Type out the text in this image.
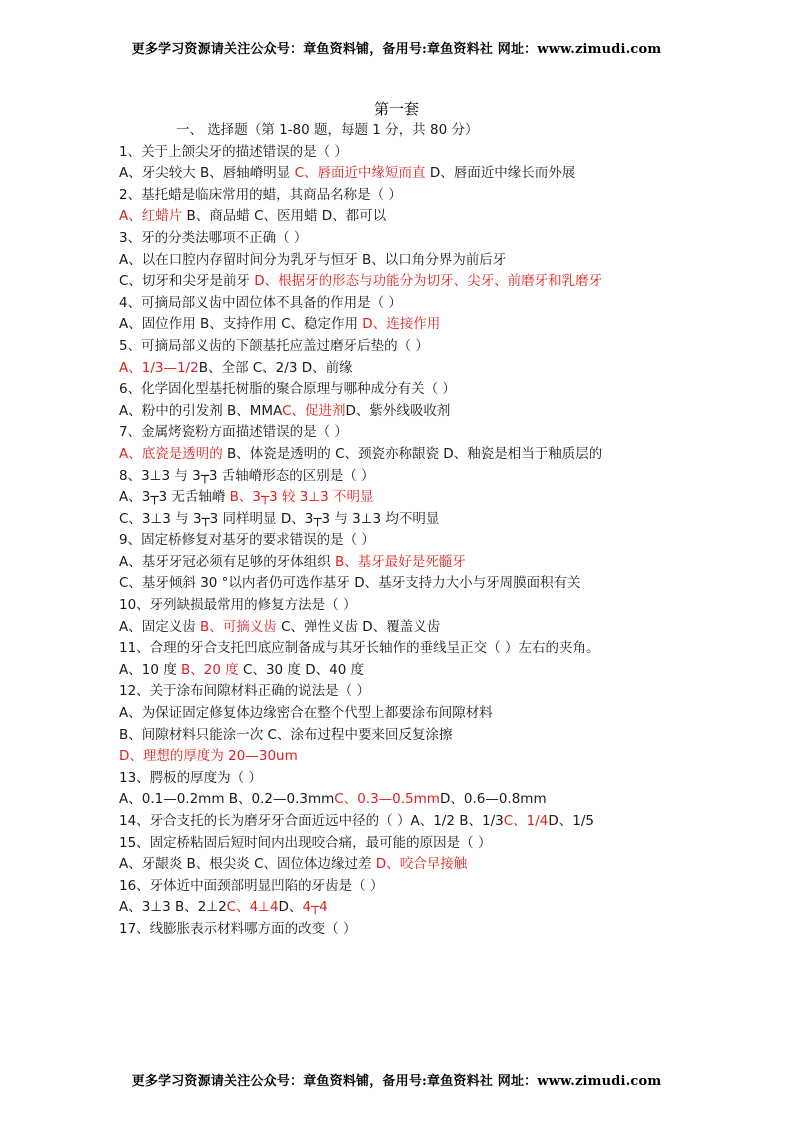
更多学习资源请关注公众号：章鱼资料铺，备用号:章鱼资料社 网址：www.zimudi.com
第一套
一、 选择题（第 1-80 题，每题 1 分，共 80 分）
1、关于上颌尖牙的描述错误的是（ ）
A、牙尖较大 B、唇轴嵴明显 C、唇面近中缘短而直 D、唇面近中缘长而外展
2、基托蜡是临床常用的蜡，其商品名称是（ ）
A、红蜡片 B、商品蜡 C、医用蜡 D、都可以
3、牙的分类法哪项不正确（ ）
A、以在口腔内存留时间分为乳牙与恒牙 B、以口角分界为前后牙
C、切牙和尖牙是前牙 D、根据牙的形态与功能分为切牙、尖牙、前磨牙和乳磨牙
4、可摘局部义齿中固位体不具备的作用是（ ）
A、固位作用 B、支持作用 C、稳定作用 D、连接作用
5、可摘局部义齿的下颌基托应盖过磨牙后垫的（ ）
A、1/3—1/2B、全部 C、2/3 D、前缘
6、化学固化型基托树脂的聚合原理与哪种成分有关（ ）
A、粉中的引发剂 B、MMAC、促进剂D、紫外线吸收剂
7、金属烤瓷粉方面描述错误的是（ ）
A、底瓷是透明的 B、体瓷是透明的 C、颈瓷亦称龈瓷 D、釉瓷是相当于釉质层的
8、3⊥3 与 3┬3 舌轴嵴形态的区别是（ ）
A、3┬3 无舌轴嵴 B、3┬3 较 3⊥3 不明显
C、3⊥3 与 3┬3 同样明显 D、3┬3 与 3⊥3 均不明显
9、固定桥修复对基牙的要求错误的是（ ）
A、基牙牙冠必须有足够的牙体组织 B、基牙最好是死髓牙
C、基牙倾斜 30 °以内者仍可选作基牙 D、基牙支持力大小与牙周膜面积有关
10、牙列缺损最常用的修复方法是（ ）
A、固定义齿 B、可摘义齿 C、弹性义齿 D、覆盖义齿
11、合理的牙合支托凹底应制备成与其牙长轴作的垂线呈正交（ ）左右的夹角。
A、10 度 B、20 度 C、30 度 D、40 度
12、关于涂布间隙材料正确的说法是（ ）
A、为保证固定修复体边缘密合在整个代型上都要涂布间隙材料
B、间隙材料只能涂一次 C、涂布过程中要来回反复涂擦
D、理想的厚度为 20—30um
13、腭板的厚度为（ ）
A、0.1—0.2mm B、0.2—0.3mmC、0.3—0.5mmD、0.6—0.8mm
14、牙合支托的长为磨牙牙合面近远中径的（ ）A、1/2 B、1/3C、1/4D、1/5
15、固定桥粘固后短时间内出现咬合痛，最可能的原因是（ ）
A、牙龈炎 B、根尖炎 C、固位体边缘过差 D、咬合早接触
16、牙体近中面颈部明显凹陷的牙齿是（ ）
A、3⊥3 B、2⊥2C、4⊥4D、4┬4
17、线膨胀表示材料哪方面的改变（ ）
更多学习资源请关注公众号：章鱼资料铺，备用号:章鱼资料社 网址：www.zimudi.com
